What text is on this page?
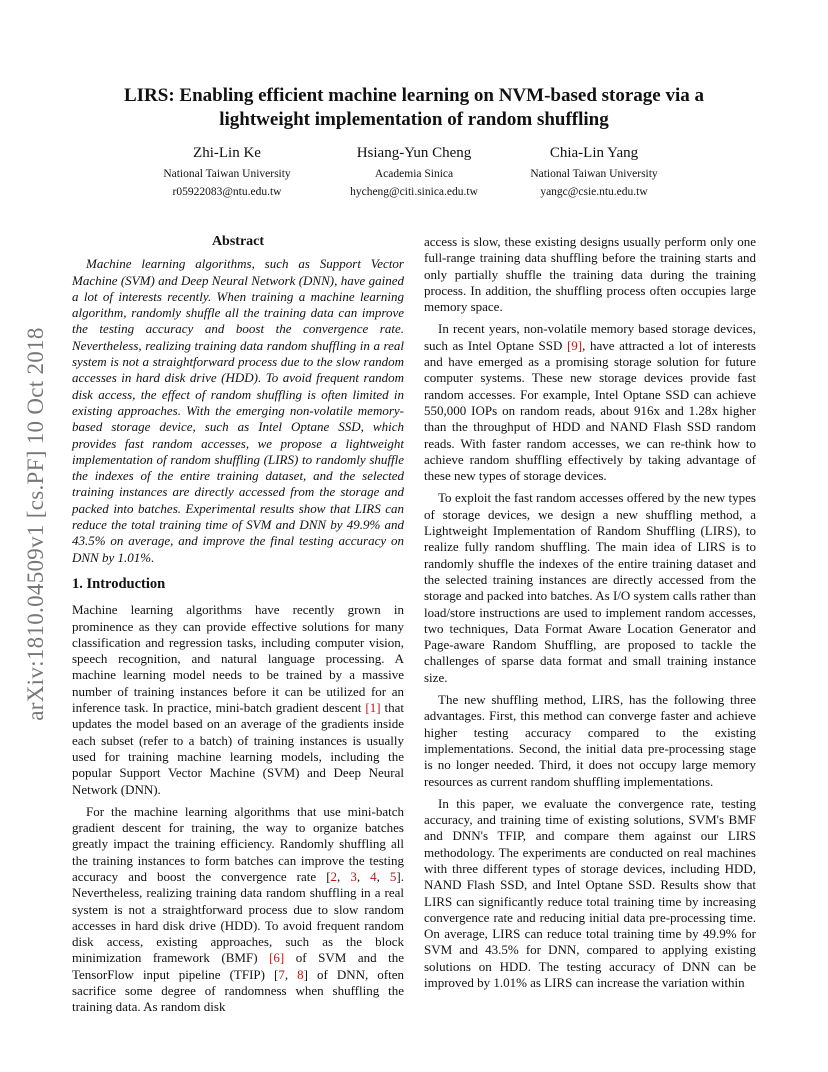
LIRS: Enabling efficient machine learning on NVM-based storage via a
lightweight implementation of random shuffling
Zhi-Lin Ke
National Taiwan University
r05922083@ntu.edu.tw
Hsiang-Yun Cheng
Academia Sinica
hycheng@citi.sinica.edu.tw
Chia-Lin Yang
National Taiwan University
yangc@csie.ntu.edu.tw
arXiv:1810.04509v1 [cs.PF] 10 Oct 2018
Abstract

Machine learning algorithms, such as Support Vector Machine (SVM) and Deep Neural Network (DNN), have gained a lot of interests recently. When training a machine learning algorithm, randomly shuffle all the training data can improve the testing accuracy and boost the convergence rate. Nevertheless, realizing training data random shuffling in a real system is not a straightforward process due to the slow random accesses in hard disk drive (HDD). To avoid frequent random disk access, the effect of random shuffling is often limited in existing approaches. With the emerging non-volatile memory-based storage device, such as Intel Optane SSD, which provides fast random accesses, we propose a lightweight implementation of random shuffling (LIRS) to randomly shuffle the indexes of the entire training dataset, and the selected training instances are directly accessed from the storage and packed into batches. Experimental results show that LIRS can reduce the total training time of SVM and DNN by 49.9% and 43.5% on average, and improve the final testing accuracy on DNN by 1.01%.

1. Introduction

Machine learning algorithms have recently grown in prominence as they can provide effective solutions for many classification and regression tasks, including computer vision, speech recognition, and natural language processing. A machine learning model needs to be trained by a massive number of training instances before it can be utilized for an inference task. In practice, mini-batch gradient descent [1] that updates the model based on an average of the gradients inside each subset (refer to a batch) of training instances is usually used for training machine learning models, including the popular Support Vector Machine (SVM) and Deep Neural Network (DNN).

For the machine learning algorithms that use mini-batch gradient descent for training, the way to organize batches greatly impact the training efficiency. Randomly shuffling all the training instances to form batches can improve the testing accuracy and boost the convergence rate [2, 3, 4, 5]. Nevertheless, realizing training data random shuffling in a real system is not a straightforward process due to slow random accesses in hard disk drive (HDD). To avoid frequent random disk access, existing approaches, such as the block minimization framework (BMF) [6] of SVM and the TensorFlow input pipeline (TFIP) [7, 8] of DNN, often sacrifice some degree of randomness when shuffling the training data. As random disk

access is slow, these existing designs usually perform only one full-range training data shuffling before the training starts and only partially shuffle the training data during the training process. In addition, the shuffling process often occupies large memory space.

In recent years, non-volatile memory based storage devices, such as Intel Optane SSD [9], have attracted a lot of interests and have emerged as a promising storage solution for future computer systems. These new storage devices provide fast random accesses. For example, Intel Optane SSD can achieve 550,000 IOPs on random reads, about 916x and 1.28x higher than the throughput of HDD and NAND Flash SSD random reads. With faster random accesses, we can re-think how to achieve random shuffling effectively by taking advantage of these new types of storage devices.

To exploit the fast random accesses offered by the new types of storage devices, we design a new shuffling method, a Lightweight Implementation of Random Shuffling (LIRS), to realize fully random shuffling. The main idea of LIRS is to randomly shuffle the indexes of the entire training dataset and the selected training instances are directly accessed from the storage and packed into batches. As I/O system calls rather than load/store instructions are used to implement random accesses, two techniques, Data Format Aware Location Generator and Page-aware Random Shuffling, are proposed to tackle the challenges of sparse data format and small training instance size.

The new shuffling method, LIRS, has the following three advantages. First, this method can converge faster and achieve higher testing accuracy compared to the existing implementations. Second, the initial data pre-processing stage is no longer needed. Third, it does not occupy large memory resources as current random shuffling implementations.

In this paper, we evaluate the convergence rate, testing accuracy, and training time of existing solutions, SVM's BMF and DNN's TFIP, and compare them against our LIRS methodology. The experiments are conducted on real machines with three different types of storage devices, including HDD, NAND Flash SSD, and Intel Optane SSD. Results show that LIRS can significantly reduce total training time by increasing convergence rate and reducing initial data pre-processing time. On average, LIRS can reduce total training time by 49.9% for SVM and 43.5% for DNN, compared to applying existing solutions on HDD. The testing accuracy of DNN can be improved by 1.01% as LIRS can increase the variation within
